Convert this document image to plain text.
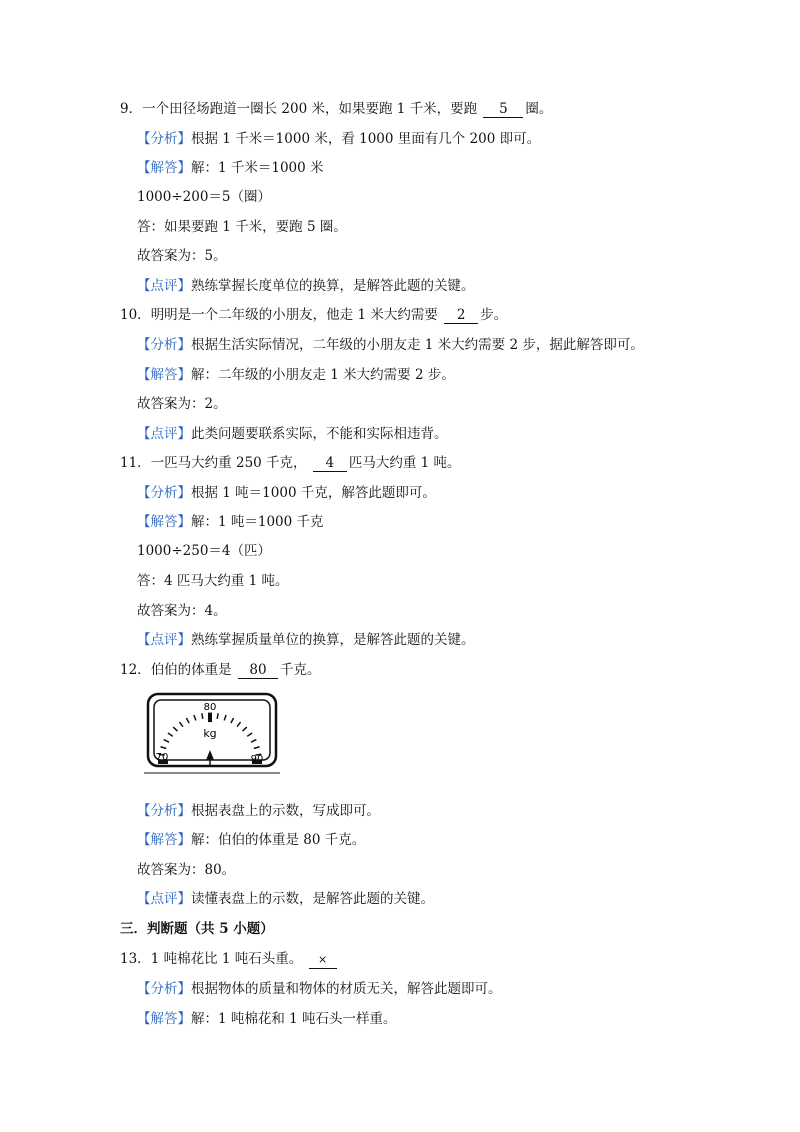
9．一个田径场跑道一圈长 200 米，如果要跑 1 千米，要跑 5 圈。
【分析】根据 1 千米＝1000 米，看 1000 里面有几个 200 即可。
【解答】解：1 千米＝1000 米
1000÷200＝5（圈）
答：如果要跑 1 千米，要跑 5 圈。
故答案为：5。
【点评】熟练掌握长度单位的换算，是解答此题的关键。
10．明明是一个二年级的小朋友，他走 1 米大约需要 2 步。
【分析】根据生活实际情况，二年级的小朋友走 1 米大约需要 2 步，据此解答即可。
【解答】解：二年级的小朋友走 1 米大约需要 2 步。
故答案为：2。
【点评】此类问题要联系实际，不能和实际相违背。
11．一匹马大约重 250 千克， 4 匹马大约重 1 吨。
【分析】根据 1 吨＝1000 千克，解答此题即可。
【解答】解：1 吨＝1000 千克
1000÷250＝4（匹）
答：4 匹马大约重 1 吨。
故答案为：4。
【点评】熟练掌握质量单位的换算，是解答此题的关键。
12．伯伯的体重是 80 千克。
80
70	90
kg
【分析】根据表盘上的示数，写成即可。
【解答】解：伯伯的体重是 80 千克。
故答案为：80。
【点评】读懂表盘上的示数，是解答此题的关键。
三．判断题（共 5 小题）
13．1 吨棉花比 1 吨石头重。 ×
【分析】根据物体的质量和物体的材质无关，解答此题即可。
【解答】解：1 吨棉花和 1 吨石头一样重。
